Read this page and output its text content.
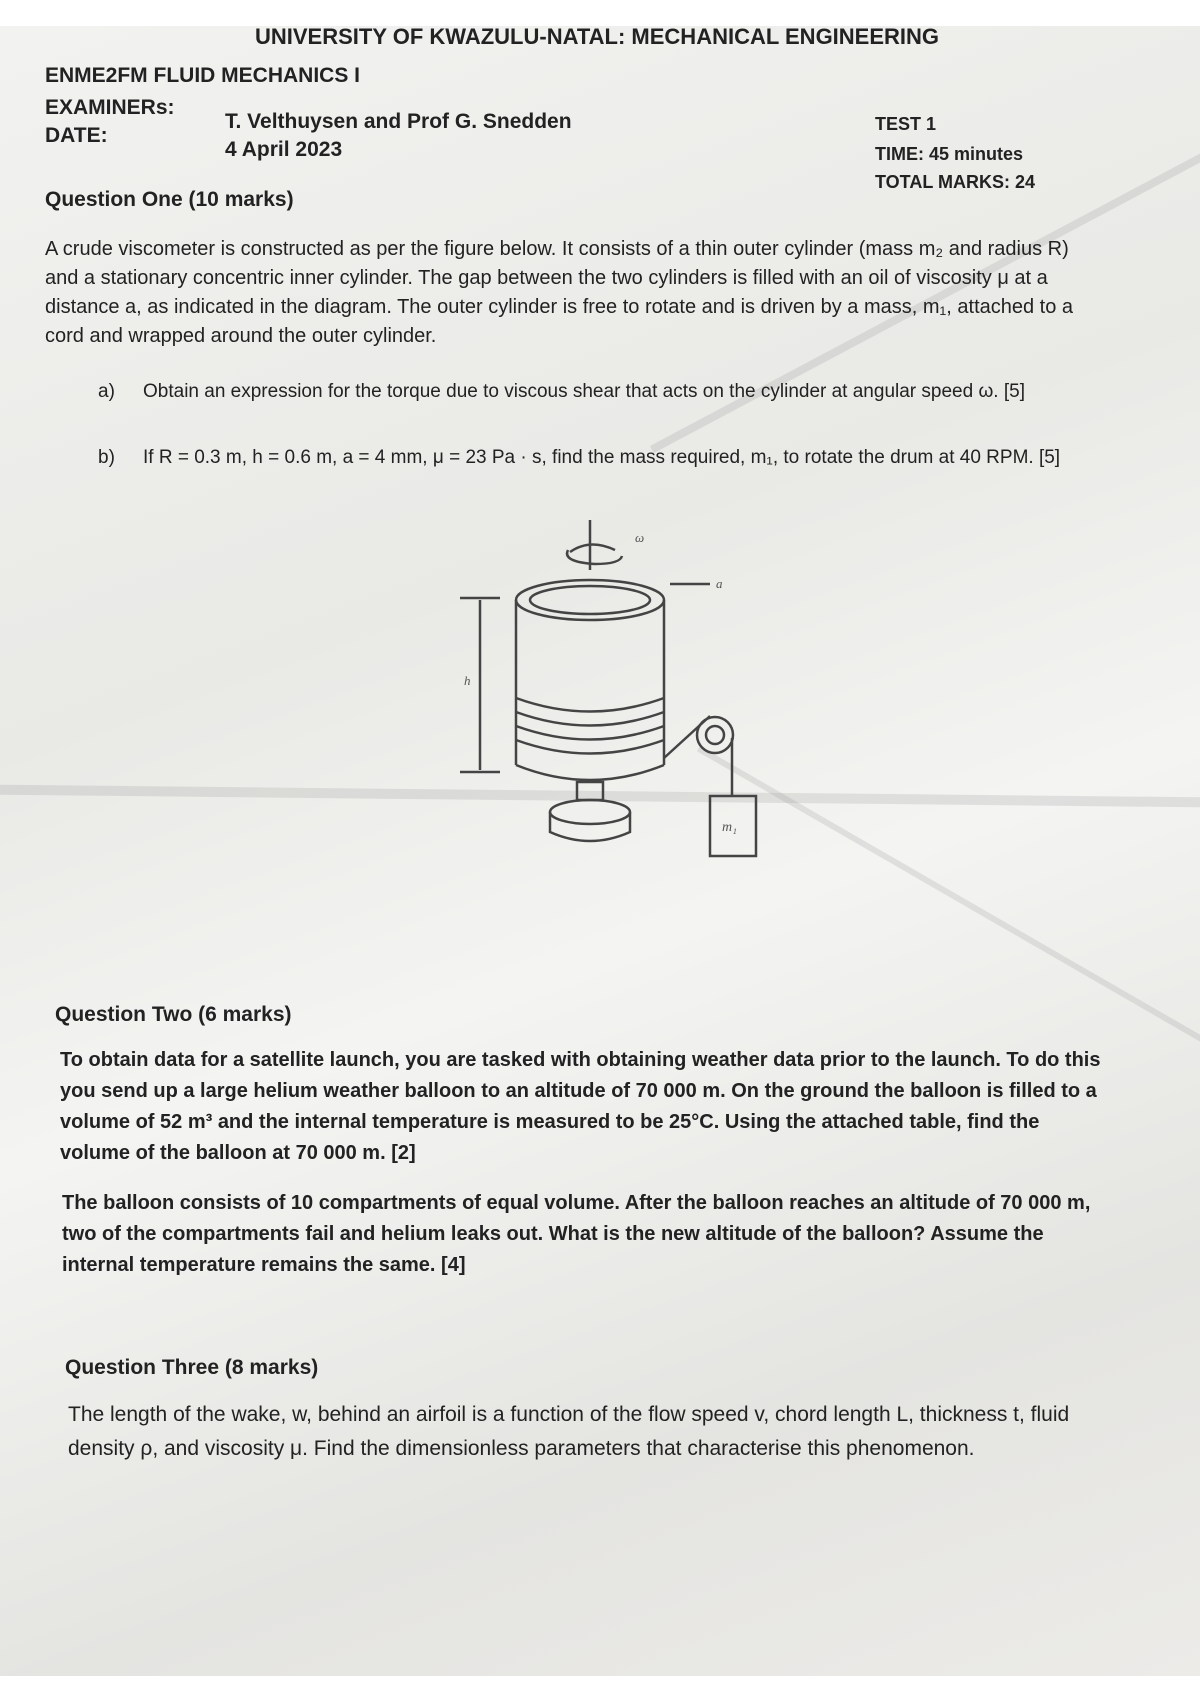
UNIVERSITY OF KWAZULU-NATAL: MECHANICAL ENGINEERING
ENME2FM FLUID MECHANICS I
EXAMINERs:
T. Velthuysen and Prof G. Snedden
DATE:
4 April 2023
TEST 1
TIME: 45 minutes
TOTAL MARKS: 24
Question One (10 marks)
A crude viscometer is constructed as per the figure below. It consists of a thin outer cylinder (mass m₂ and radius R) and a stationary concentric inner cylinder. The gap between the two cylinders is filled with an oil of viscosity μ at a distance a, as indicated in the diagram. The outer cylinder is free to rotate and is driven by a mass, m₁, attached to a cord and wrapped around the outer cylinder.
a) Obtain an expression for the torque due to viscous shear that acts on the cylinder at angular speed ω. [5]
b) If R = 0.3 m, h = 0.6 m, a = 4 mm, μ = 23 Pa · s, find the mass required, m₁, to rotate the drum at 40 RPM. [5]
ω
a
h
m₁
Question Two (6 marks)
To obtain data for a satellite launch, you are tasked with obtaining weather data prior to the launch. To do this you send up a large helium weather balloon to an altitude of 70 000 m. On the ground the balloon is filled to a volume of 52 m³ and the internal temperature is measured to be 25°C. Using the attached table, find the volume of the balloon at 70 000 m. [2]
The balloon consists of 10 compartments of equal volume. After the balloon reaches an altitude of 70 000 m, two of the compartments fail and helium leaks out. What is the new altitude of the balloon? Assume the internal temperature remains the same. [4]
Question Three (8 marks)
The length of the wake, w, behind an airfoil is a function of the flow speed v, chord length L, thickness t, fluid density ρ, and viscosity μ. Find the dimensionless parameters that characterise this phenomenon.
